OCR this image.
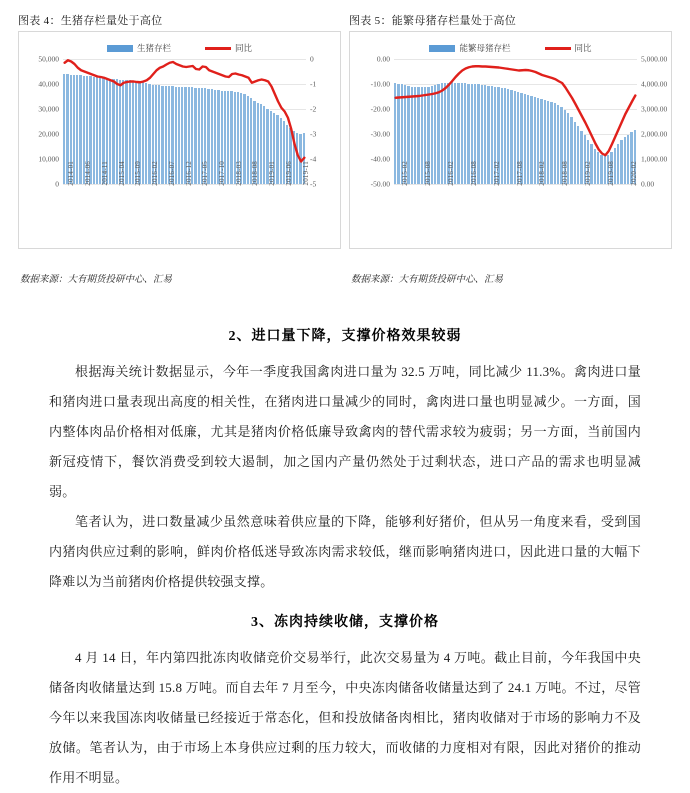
图表 4：生猪存栏量处于高位
生猪存栏	同比
0	-5
10,000	-4
20,000	-3
30,000	-2
40,000	-1
50,000	0
2014-01 2014-06 2014-11 2015-04 2015-09 2016-02 2016-07 2016-12 2017-05 2017-10 2018-03 2018-08 2019-01 2019-06 2019-11
数据来源：大有期货投研中心、汇易
图表 5：能繁母猪存栏量处于高位
能繁母猪存栏	同比
-50.00	0.00
-40.00	1,000.00
-30.00	2,000.00
-20.00	3,000.00
-10.00	4,000.00
0.00	5,000.00
2015-02 2015-08 2016-02 2016-08 2017-02 2017-08 2018-02 2018-08 2019-02 2019-08 2020-02
数据来源：大有期货投研中心、汇易
2、进口量下降，支撑价格效果较弱

根据海关统计数据显示，今年一季度我国禽肉进口量为 32.5 万吨，同比减少 11.3%。禽肉进口量和猪肉进口量表现出高度的相关性，在猪肉进口量减少的同时，禽肉进口量也明显减少。一方面，国内整体肉品价格相对低廉，尤其是猪肉价格低廉导致禽肉的替代需求较为疲弱；另一方面，当前国内新冠疫情下，餐饮消费受到较大遏制，加之国内产量仍然处于过剩状态，进口产品的需求也明显减弱。

笔者认为，进口数量减少虽然意味着供应量的下降，能够利好猪价，但从另一角度来看，受到国内猪肉供应过剩的影响，鲜肉价格低迷导致冻肉需求较低，继而影响猪肉进口，因此进口量的大幅下降难以为当前猪肉价格提供较强支撑。

3、冻肉持续收储，支撑价格

4 月 14 日，年内第四批冻肉收储竞价交易举行，此次交易量为 4 万吨。截止目前，今年我国中央储备肉收储量达到 15.8 万吨。而自去年 7 月至今，中央冻肉储备收储量达到了 24.1 万吨。不过，尽管今年以来我国冻肉收储量已经接近于常态化，但和投放储备肉相比，猪肉收储对于市场的影响力不及放储。笔者认为，由于市场上本身供应过剩的压力较大，而收储的力度相对有限，因此对猪价的推动作用不明显。
